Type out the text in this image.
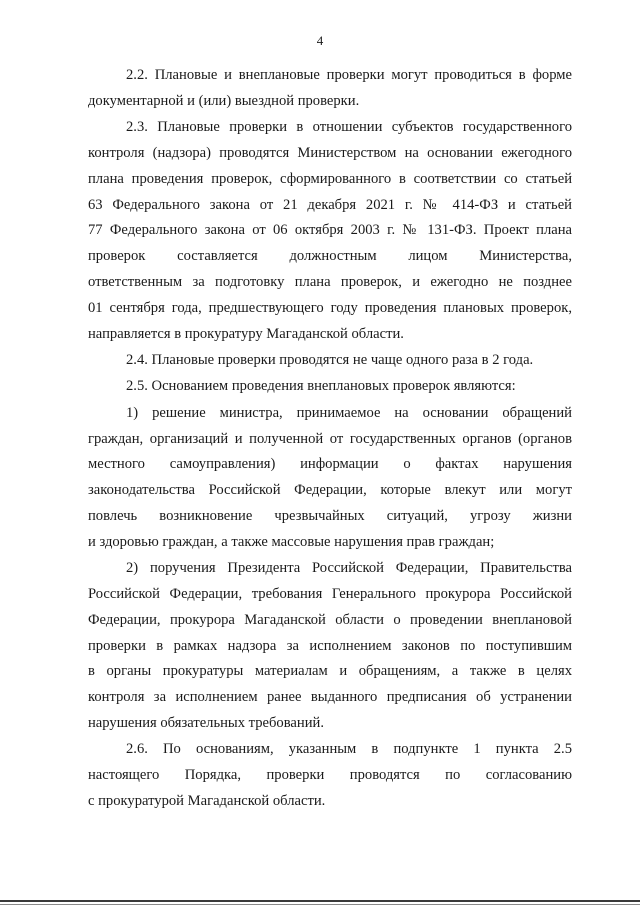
4
2.2. Плановые и внеплановые проверки могут проводиться в форме
документарной и (или) выездной проверки.
2.3. Плановые проверки в отношении субъектов государственного
контроля (надзора) проводятся Министерством на основании ежегодного
плана проведения проверок, сформированного в соответствии со статьей
63 Федерального закона от 21 декабря 2021 г. № 414-ФЗ и статьей
77 Федерального закона от 06 октября 2003 г. № 131-ФЗ. Проект плана
проверок составляется должностным лицом Министерства,
ответственным за подготовку плана проверок, и ежегодно не позднее
01 сентября года, предшествующего году проведения плановых проверок,
направляется в прокуратуру Магаданской области.
2.4. Плановые проверки проводятся не чаще одного раза в 2 года.
2.5. Основанием проведения внеплановых проверок являются:
1) решение министра, принимаемое на основании обращений
граждан, организаций и полученной от государственных органов (органов
местного самоуправления) информации о фактах нарушения
законодательства Российской Федерации, которые влекут или могут
повлечь возникновение чрезвычайных ситуаций, угрозу жизни
и здоровью граждан, а также массовые нарушения прав граждан;
2) поручения Президента Российской Федерации, Правительства
Российской Федерации, требования Генерального прокурора Российской
Федерации, прокурора Магаданской области о проведении внеплановой
проверки в рамках надзора за исполнением законов по поступившим
в органы прокуратуры материалам и обращениям, а также в целях
контроля за исполнением ранее выданного предписания об устранении
нарушения обязательных требований.
2.6. По основаниям, указанным в подпункте 1 пункта 2.5
настоящего Порядка, проверки проводятся по согласованию
с прокуратурой Магаданской области.
